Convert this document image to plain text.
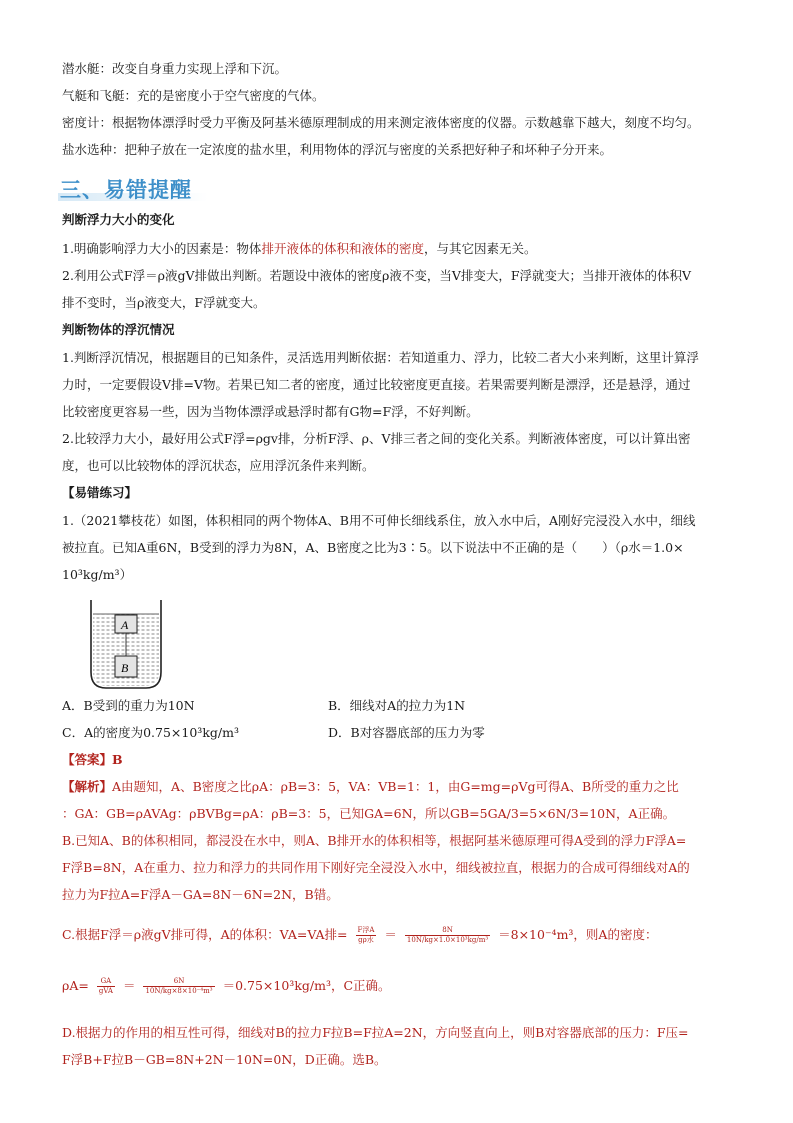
潜水艇：改变自身重力实现上浮和下沉。
气艇和飞艇：充的是密度小于空气密度的气体。
密度计：根据物体漂浮时受力平衡及阿基米德原理制成的用来测定液体密度的仪器。示数越靠下越大，刻度不均匀。
盐水选种：把种子放在一定浓度的盐水里，利用物体的浮沉与密度的关系把好种子和坏种子分开来。
三、易错提醒
判断浮力大小的变化
1.明确影响浮力大小的因素是：物体排开液体的体积和液体的密度，与其它因素无关。
2.利用公式F浮＝ρ液gV排做出判断。若题设中液体的密度ρ液不变，当V排变大，F浮就变大；当排开液体的体积V
排不变时，当ρ液变大，F浮就变大。
判断物体的浮沉情况
1.判断浮沉情况，根据题目的已知条件，灵活选用判断依据：若知道重力、浮力，比较二者大小来判断，这里计算浮
力时，一定要假设V排=V物。若果已知二者的密度，通过比较密度更直接。若果需要判断是漂浮，还是悬浮，通过
比较密度更容易一些，因为当物体漂浮或悬浮时都有G物=F浮，不好判断。
2.比较浮力大小，最好用公式F浮=ρgv排，分析F浮、ρ、V排三者之间的变化关系。判断液体密度，可以计算出密
度，也可以比较物体的浮沉状态，应用浮沉条件来判断。
【易错练习】
1.（2021攀枝花）如图，体积相同的两个物体A、B用不可伸长细线系住，放入水中后，A刚好完浸没入水中，细线
被拉直。已知A重6N，B受到的浮力为8N，A、B密度之比为3∶5。以下说法中不正确的是（　　）（ρ水＝1.0×
10³kg/m³）
A
B
A．B受到的重力为10N	B．细线对A的拉力为1N
C．A的密度为0.75×10³kg/m³	D．B对容器底部的压力为零
【答案】B
【解析】A由题知，A、B密度之比ρA：ρB=3：5，VA：VB=1：1，由G=mg=ρVg可得A、B所受的重力之比
：GA：GB=ρAVAg：ρBVBg=ρA：ρB=3：5，已知GA=6N，所以GB=5GA/3=5×6N/3=10N，A正确。
B.已知A、B的体积相同，都浸没在水中，则A、B排开水的体积相等，根据阿基米德原理可得A受到的浮力F浮A=
F浮B=8N，A在重力、拉力和浮力的共同作用下刚好完全浸没入水中，细线被拉直，根据力的合成可得细线对A的
拉力为F拉A=F浮A－GA=8N－6N=2N，B错。
C.根据F浮＝ρ液gV排可得，A的体积：VA=VA排= $\frac{\text{F浮A}}{\text{gρ水}} = \frac{8N}{\text{10N/kg×1.0×10³kg/m³}} =8\times 10^{-4}m^3$，则A的密度：
$\rho A= \frac{GA}{\text{gVA}} = \frac{6N}{\text{10N/kg×8×10⁻⁴m³}} =0.75\times 10^3kg/m^3$，C正确。
D.根据力的作用的相互性可得，细线对B的拉力F拉B=F拉A=2N，方向竖直向上，则B对容器底部的压力：F压=
F浮B+F拉B－GB=8N+2N－10N=0N，D正确。选B。
